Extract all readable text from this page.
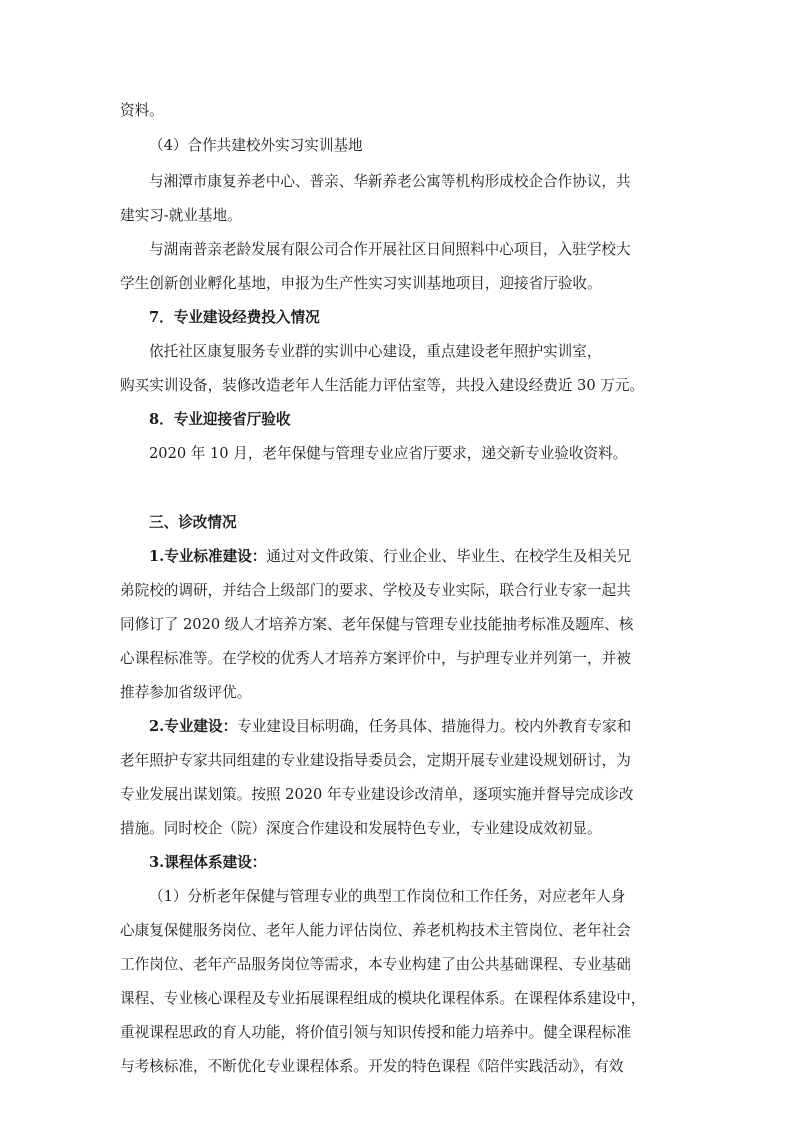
资料。
（4）合作共建校外实习实训基地
与湘潭市康复养老中心、普亲、华新养老公寓等机构形成校企合作协议，共
建实习-就业基地。
与湖南普亲老龄发展有限公司合作开展社区日间照料中心项目，入驻学校大
学生创新创业孵化基地，申报为生产性实习实训基地项目，迎接省厅验收。
7．专业建设经费投入情况
依托社区康复服务专业群的实训中心建设，重点建设老年照护实训室，
购买实训设备，装修改造老年人生活能力评估室等，共投入建设经费近 30 万元。
8．专业迎接省厅验收
2020 年 10 月，老年保健与管理专业应省厅要求，递交新专业验收资料。
三、诊改情况
1.专业标准建设：通过对文件政策、行业企业、毕业生、在校学生及相关兄
弟院校的调研，并结合上级部门的要求、学校及专业实际，联合行业专家一起共
同修订了 2020 级人才培养方案、老年保健与管理专业技能抽考标准及题库、核
心课程标准等。在学校的优秀人才培养方案评价中，与护理专业并列第一，并被
推荐参加省级评优。
2.专业建设：专业建设目标明确，任务具体、措施得力。校内外教育专家和
老年照护专家共同组建的专业建设指导委员会，定期开展专业建设规划研讨，为
专业发展出谋划策。按照 2020 年专业建设诊改清单，逐项实施并督导完成诊改
措施。同时校企（院）深度合作建设和发展特色专业，专业建设成效初显。
3.课程体系建设：
（1）分析老年保健与管理专业的典型工作岗位和工作任务，对应老年人身
心康复保健服务岗位、老年人能力评估岗位、养老机构技术主管岗位、老年社会
工作岗位、老年产品服务岗位等需求，本专业构建了由公共基础课程、专业基础
课程、专业核心课程及专业拓展课程组成的模块化课程体系。在课程体系建设中，
重视课程思政的育人功能，将价值引领与知识传授和能力培养中。健全课程标准
与考核标准，不断优化专业课程体系。开发的特色课程《陪伴实践活动》，有效
